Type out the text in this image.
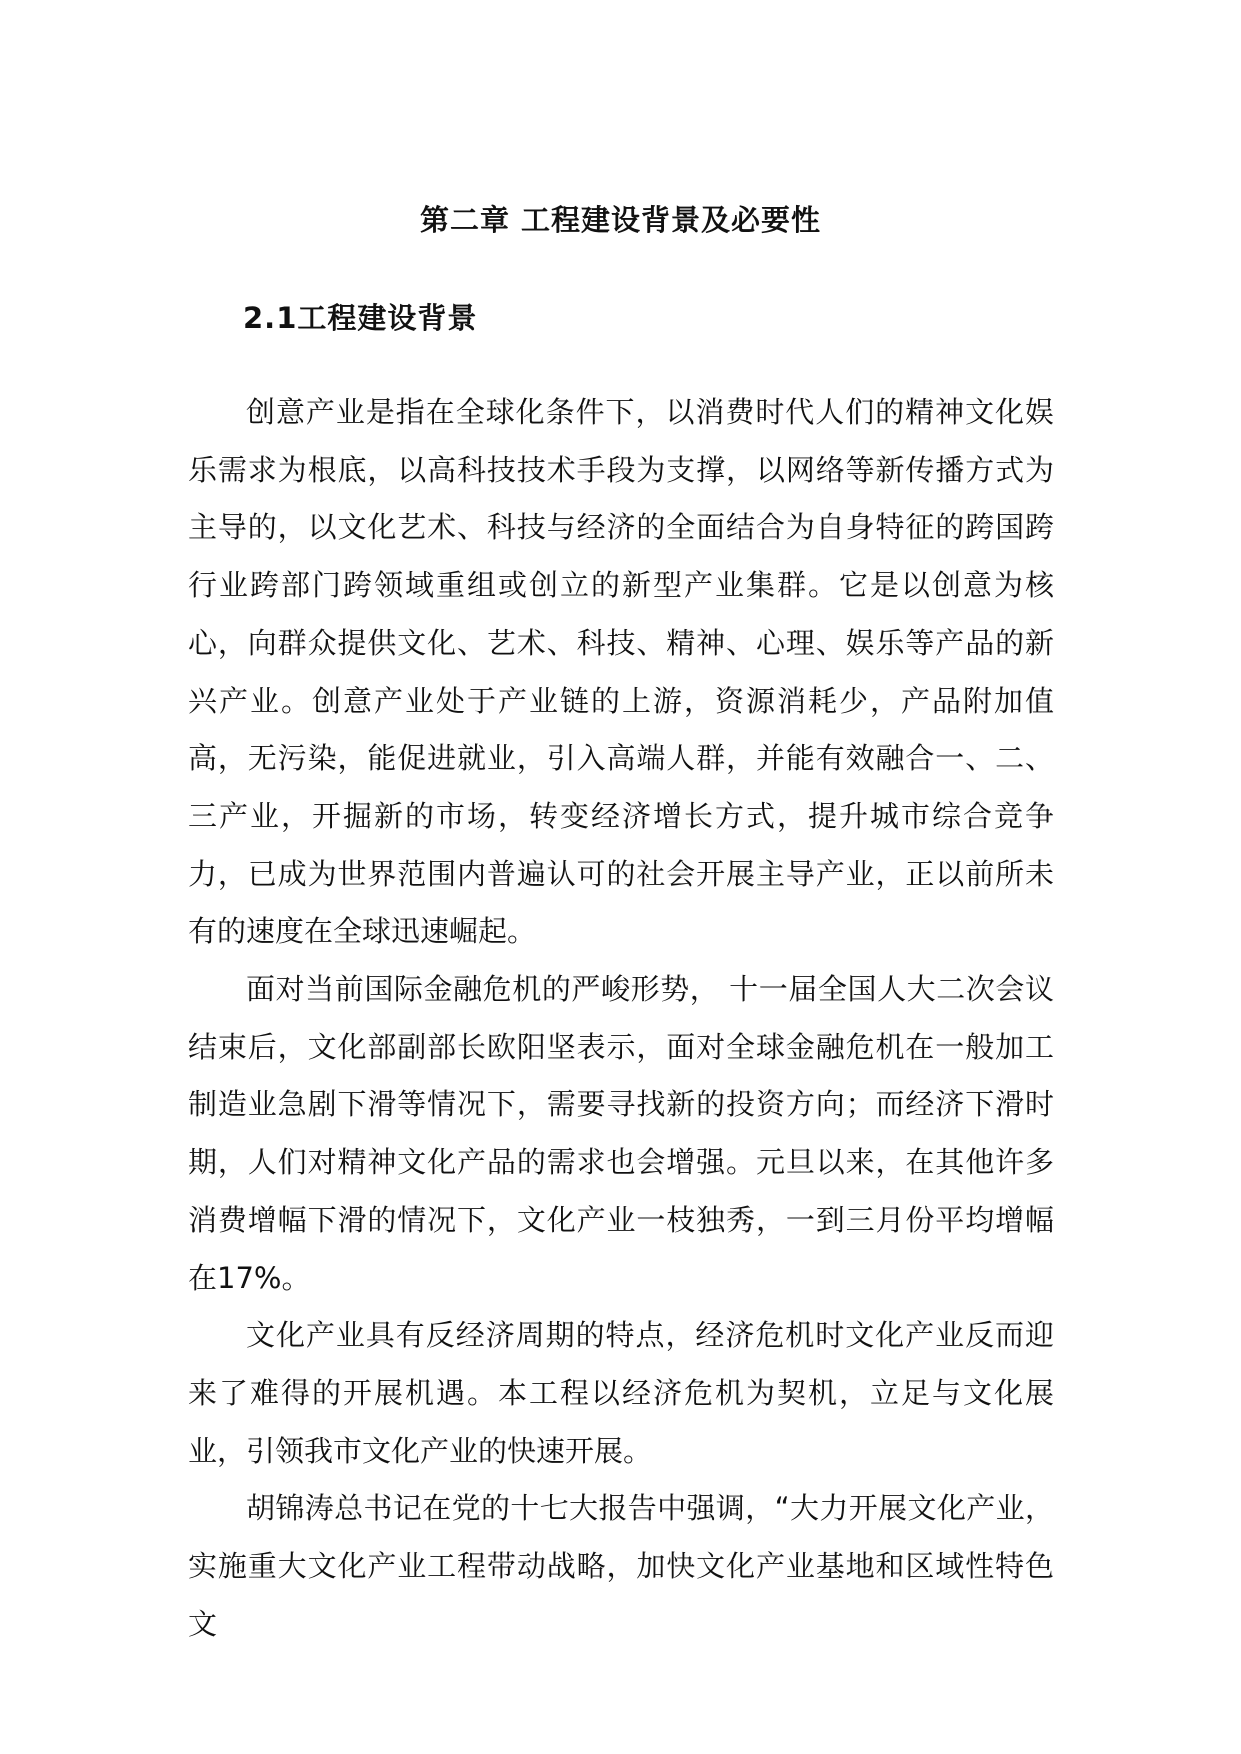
第二章 工程建设背景及必要性
2.1工程建设背景

创意产业是指在全球化条件下，以消费时代人们的精神文化娱乐需求为根底，以高科技技术手段为支撑，以网络等新传播方式为主导的，以文化艺术、科技与经济的全面结合为自身特征的跨国跨行业跨部门跨领域重组或创立的新型产业集群。它是以创意为核心，向群众提供文化、艺术、科技、精神、心理、娱乐等产品的新兴产业。创意产业处于产业链的上游，资源消耗少，产品附加值高，无污染，能促进就业，引入高端人群，并能有效融合一、二、三产业，开掘新的市场，转变经济增长方式，提升城市综合竞争力，已成为世界范围内普遍认可的社会开展主导产业，正以前所未有的速度在全球迅速崛起。

面对当前国际金融危机的严峻形势， 十一届全国人大二次会议结束后，文化部副部长欧阳坚表示，面对全球金融危机在一般加工制造业急剧下滑等情况下，需要寻找新的投资方向；而经济下滑时期，人们对精神文化产品的需求也会增强。元旦以来，在其他许多消费增幅下滑的情况下，文化产业一枝独秀，一到三月份平均增幅在17%。

文化产业具有反经济周期的特点，经济危机时文化产业反而迎来了难得的开展机遇。本工程以经济危机为契机，立足与文化展业，引领我市文化产业的快速开展。

胡锦涛总书记在党的十七大报告中强调，“大力开展文化产业，实施重大文化产业工程带动战略，加快文化产业基地和区域性特色文
